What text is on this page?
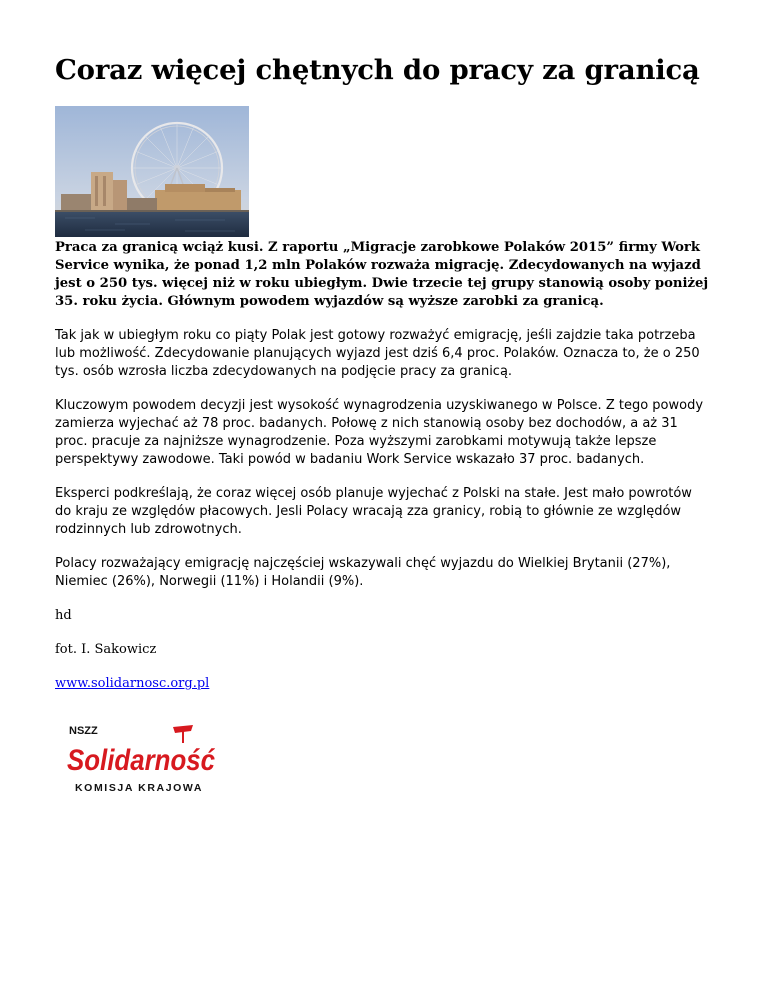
Coraz więcej chętnych do pracy za granicą

Praca za granicą wciąż kusi. Z raportu „Migracje zarobkowe Polaków 2015” firmy Work Service wynika, że ponad 1,2 mln Polaków rozważa migrację. Zdecydowanych na wyjazd jest o 250 tys. więcej niż w roku ubiegłym. Dwie trzecie tej grupy stanowią osoby poniżej 35. roku życia. Głównym powodem wyjazdów są wyższe zarobki za granicą.

Tak jak w ubiegłym roku co piąty Polak jest gotowy rozważyć emigrację, jeśli zajdzie taka potrzeba lub możliwość. Zdecydowanie planujących wyjazd jest dziś 6,4 proc. Polaków. Oznacza to, że o 250 tys. osób wzrosła liczba zdecydowanych na podjęcie pracy za granicą.

Kluczowym powodem decyzji jest wysokość wynagrodzenia uzyskiwanego w Polsce. Z tego powody zamierza wyjechać aż 78 proc. badanych. Połowę z nich stanowią osoby bez dochodów, a aż 31 proc. pracuje za najniższe wynagrodzenie. Poza wyższymi zarobkami motywują także lepsze perspektywy zawodowe. Taki powód w badaniu Work Service wskazało 37 proc. badanych.

Eksperci podkreślają, że coraz więcej osób planuje wyjechać z Polski na stałe. Jest mało powrotów do kraju ze względów płacowych. Jesli Polacy wracają zza granicy, robią to głównie ze względów rodzinnych lub zdrowotnych.

Polacy rozważający emigrację najczęściej wskazywali chęć wyjazdu do Wielkiej Brytanii (27%), Niemiec (26%), Norwegii (11%) i Holandii (9%).

hd

fot. I. Sakowicz

www.solidarnosc.org.pl

NSZZ
Solidarność
KOMISJA KRAJOWA
